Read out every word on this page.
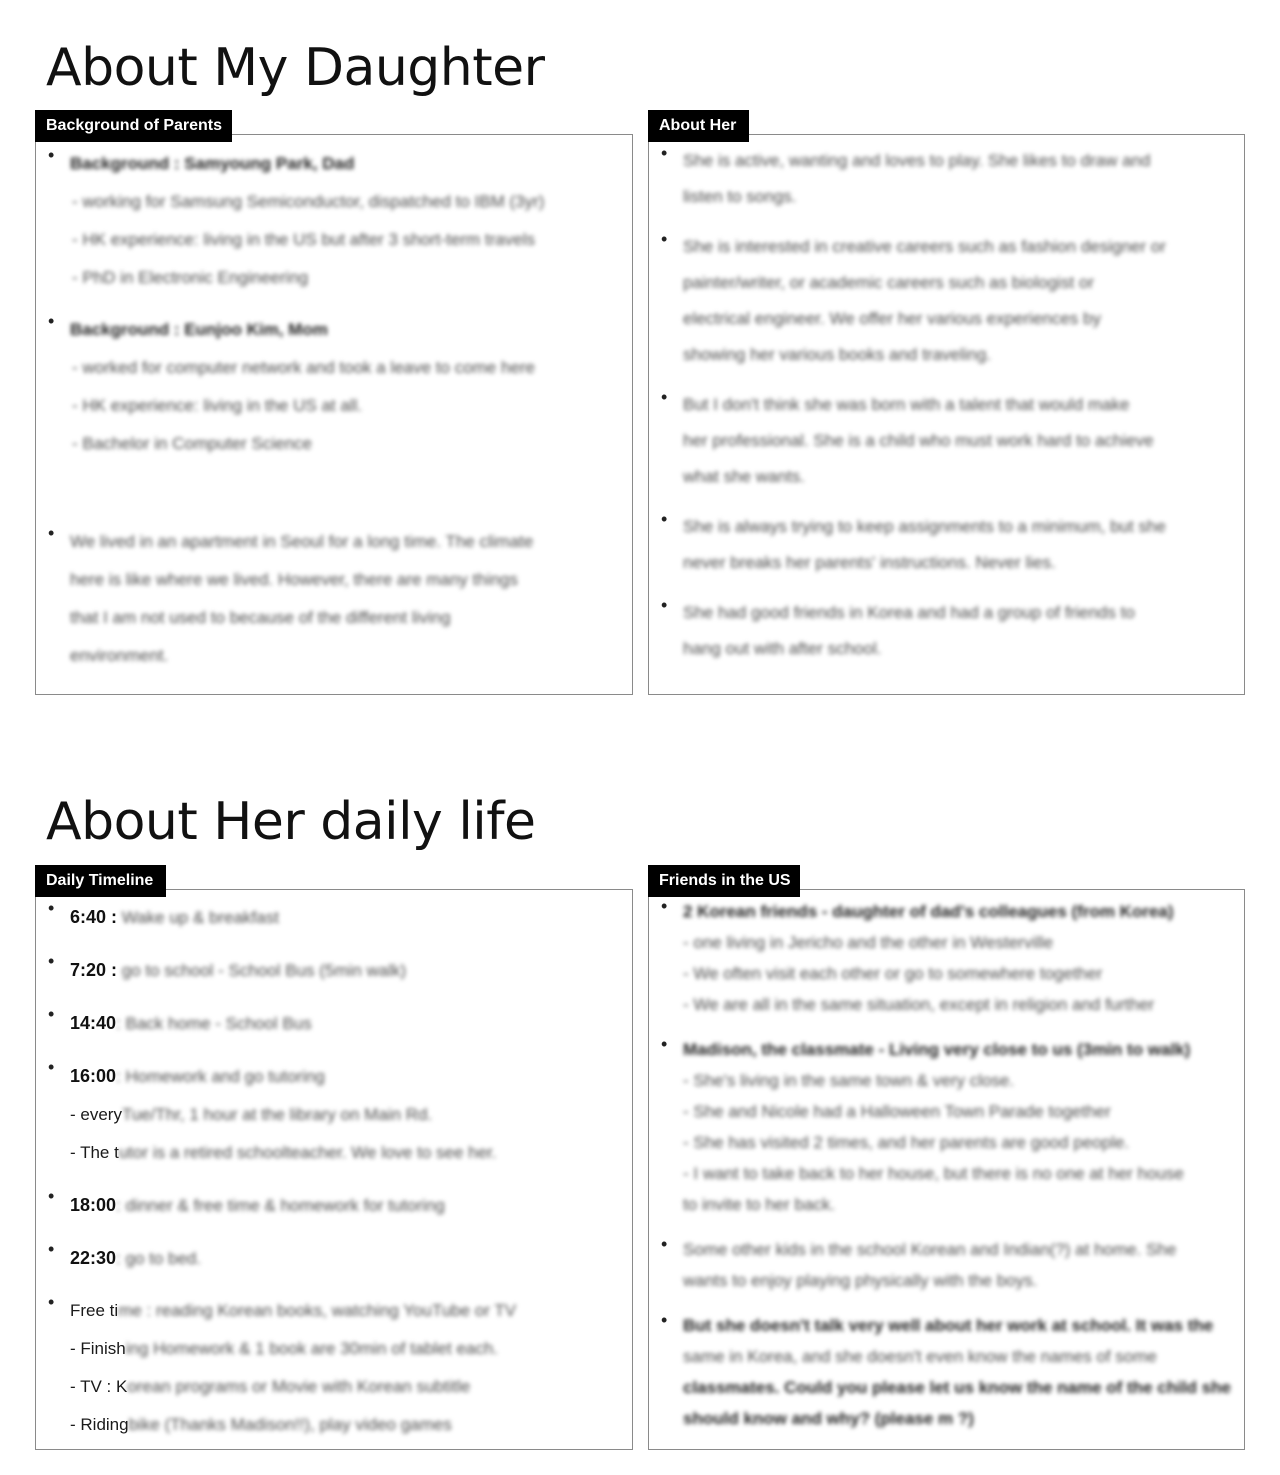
About My Daughter
• Background : Samyoung Park, Dad
- working for Samsung Semiconductor, dispatched to IBM (3yr)
- HK experience: living in the US but after 3 short-term travels
- PhD in Electronic Engineering
• Background : Eunjoo Kim, Mom
- worked for computer network and took a leave to come here
- HK experience: living in the US at all.
- Bachelor in Computer Science
• We lived in an apartment in Seoul for a long time. The climate
here is like where we lived. However, there are many things
that I am not used to because of the different living
environment.
Background of Parents
• She is active, wanting and loves to play. She likes to draw and
listen to songs.
• She is interested in creative careers such as fashion designer or
painter/writer, or academic careers such as biologist or
electrical engineer. We offer her various experiences by
showing her various books and traveling.
• But I don't think she was born with a talent that would make
her professional. She is a child who must work hard to achieve
what she wants.
• She is always trying to keep assignments to a minimum, but she
never breaks her parents' instructions. Never lies.
• She had good friends in Korea and had a group of friends to
hang out with after school.
About Her
About Her daily life
• 6:40 : Wake up & breakfast
• 7:20 : go to school - School Bus (5min walk)
• 14:40: Back home - School Bus
• 16:00: Homework and go tutoring
- everyTue/Thr, 1 hour at the library on Main Rd.
- The tutor is a retired schoolteacher. We love to see her.
• 18:00: dinner & free time & homework for tutoring
• 22:30: go to bed.
• Free time : reading Korean books, watching YouTube or TV
- Finishing Homework & 1 book are 30min of tablet each.
- TV : Korean programs or Movie with Korean subtitle
- Ridingbike (Thanks Madison!!), play video games
Daily Timeline
• 2 Korean friends - daughter of dad's colleagues (from Korea)
- one living in Jericho and the other in Westerville
- We often visit each other or go to somewhere together
- We are all in the same situation, except in religion and further
• Madison, the classmate - Living very close to us (3min to walk)
- She's living in the same town & very close.
- She and Nicole had a Halloween Town Parade together
- She has visited 2 times, and her parents are good people.
- I want to take back to her house, but there is no one at her house
to invite to her back.
• Some other kids in the school Korean and Indian(?) at home. She
wants to enjoy playing physically with the boys.
• But she doesn't talk very well about her work at school. It was the
same in Korea, and she doesn't even know the names of some
classmates. Could you please let us know the name of the child she
should know and why? (please m ?)
Friends in the US
